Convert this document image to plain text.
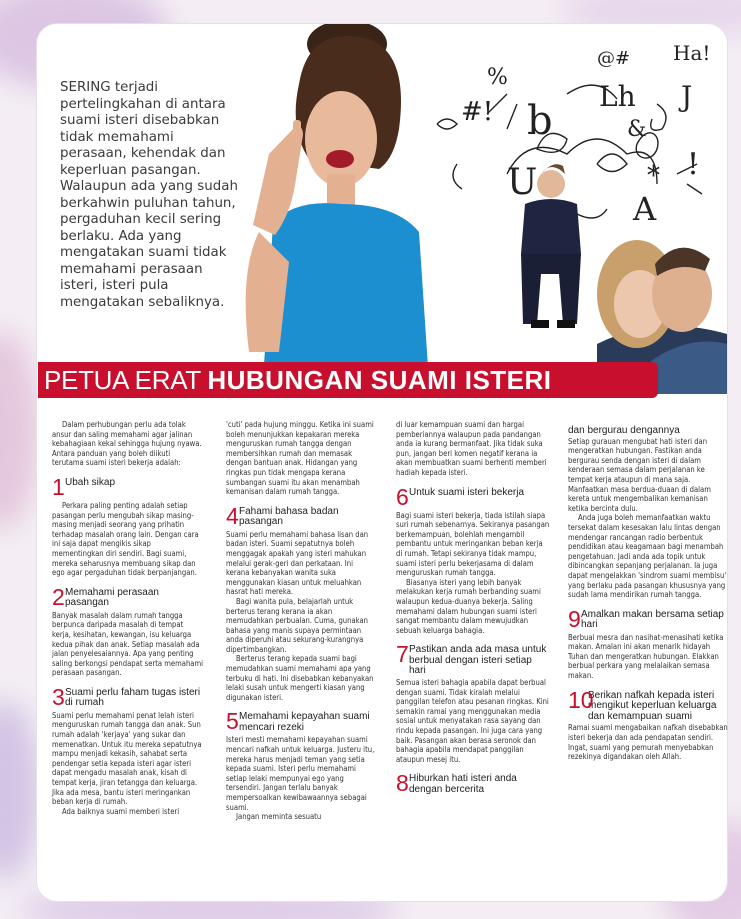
#!
@# Ha!
b
U
A
Lh
!
*
J
&
%

SERING terjadi pertelingkahan di antara suami isteri disebabkan tidak memahami perasaan, kehendak dan keperluan pasangan. Walaupun ada yang sudah berkahwin puluhan tahun, pergaduhan kecil sering berlaku. Ada yang mengatakan suami tidak memahami perasaan isteri, isteri pula mengatakan sebaliknya.

PETUA ERAT HUBUNGAN SUAMI ISTERI

Dalam perhubungan perlu ada tolak ansur dan saling memahami agar jalinan kebahagiaan kekal sehingga hujung nyawa. Antara panduan yang boleh diikuti terutama suami isteri bekerja adalah:

1 Ubah sikap

Perkara paling penting adalah setiap pasangan perlu mengubah sikap masing-masing menjadi seorang yang prihatin terhadap masalah orang lain. Dengan cara ini saja dapat mengikis sikap mementingkan diri sendiri. Bagi suami, mereka seharusnya membuang sikap dan ego agar pergaduhan tidak berpanjangan.

2 Memahami perasaan pasangan

Banyak masalah dalam rumah tangga berpunca daripada masalah di tempat kerja, kesihatan, kewangan, isu keluarga kedua pihak dan anak. Setiap masalah ada jalan penyelesaiannya. Apa yang penting saling berkongsi pendapat serta memahami perasaan pasangan.

3 Suami perlu faham tugas isteri di rumah

Suami perlu memahami penat lelah isteri menguruskan rumah tangga dan anak. Sun rumah adalah 'kerjaya' yang sukar dan memenatkan. Untuk itu mereka sepatutnya mampu menjadi kekasih, sahabat serta pendengar setia kepada isteri agar isteri dapat mengadu masalah anak, kisah di tempat kerja, jiran tetangga dan keluarga. Jika ada mesa, bantu isteri meringankan beban kerja di rumah.

Ada baiknya suami memberi isteri

'cuti' pada hujung minggu. Ketika ini suami boleh menunjukkan kepakaran mereka menguruskan rumah tangga dengan membersihkan rumah dan memasak dengan bantuan anak. Hidangan yang ringkas pun tidak mengapa kerana sumbangan suami itu akan menambah kemanisan dalam rumah tangga.

4 Fahami bahasa badan pasangan

Suami perlu memahami bahasa lisan dan badan isteri. Suami sepatutnya boleh menggagak apakah yang isteri mahukan melalui gerak-geri dan perkataan. Ini kerana kebanyakan wanita suka menggunakan kiasan untuk meluahkan hasrat hati mereka.

Bagi wanita pula, belajarlah untuk berterus terang kerana ia akan memudahkan perbualan. Cuma, gunakan bahasa yang manis supaya permintaan anda diperuhi atau sekurang-kurangnya dipertimbangkan.

Berterus terang kepada suami bagi memudahkan suami memahami apa yang terbuku di hati. Ini disebabkan kebanyakan lelaki susah untuk mengerti kiasan yang digunakan isteri.

5 Memahami kepayahan suami mencari rezeki

Isteri mesti memahami kepayahan suami mencari nafkah untuk keluarga. Justeru itu, mereka harus menjadi teman yang setia kepada suami. Isteri perlu memahami setiap lelaki mempunyai ego yang tersendiri. Jangan terlalu banyak mempersoalkan kewibawaannya sebagai suami.

Jangan meminta sesuatu

di luar kemampuan suami dan hargai pemberiannya walaupun pada pandangan anda ia kurang bermanfaat. Jika tidak suka pun, jangan beri komen negatif kerana ia akan membuatkan suami berhenti memberi hadiah kepada isteri.

6 Untuk suami isteri bekerja

Bagi suami isteri bekerja, tiada istilah siapa suri rumah sebenarnya. Sekiranya pasangan berkemampuan, bolehlah mengambil pembantu untuk meringankan beban kerja di rumah. Tetapi sekiranya tidak mampu, suami isteri perlu bekerjasama di dalam menguruskan rumah tangga.

Biasanya isteri yang lebih banyak melakukan kerja rumah berbanding suami walaupun kedua-duanya bekerja. Saling memahami dalam hubungan suami isteri sangat membantu dalam mewujudkan sebuah keluarga bahagia.

7 Pastikan anda ada masa untuk berbual dengan isteri setiap hari

Semua isteri bahagia apabila dapat berbual dengan suami. Tidak kiralah melalui panggilan telefon atau pesanan ringkas. Kini semakin ramai yang menggunakan media sosial untuk menyatakan rasa sayang dan rindu kepada pasangan. Ini juga cara yang baik. Pasangan akan berasa seronok dan bahagia apabila mendapat panggilan ataupun mesej itu.

8 Hiburkan hati isteri anda dengan bercerita
dan bergurau dengannya

Setiap gurauan mengubat hati isteri dan mengeratkan hubungan. Fastikan anda bergurau senda dengan isteri di dalam kenderaan semasa dalam perjalanan ke tempat kerja ataupun di mana saja. Manfaatkan masa berdua-duaan di dalam kereta untuk mengembalikan kemanisan ketika bercinta dulu.

Anda juga boleh memanfaatkan waktu tersekat dalam kesesakan lalu lintas dengan mendengar rancangan radio berbentuk pendidikan atau keagamaan bagi menambah pengetahuan. Jadi anda ada topik untuk dibincangkan sepanjang perjalanan. Ia juga dapat mengelakkan 'sindrom suami membisu' yang berlaku pada pasangan khususnya yang sudah lama mendirikan rumah tangga.

9 Amalkan makan bersama setiap hari

Berbual mesra dan nasihat-menasihati ketika makan. Amalan ini akan menarik hidayah Tuhan dan mengeratkan hubungan. Elakkan berbual perkara yang melalaikan semasa makan.

10
Berikan nafkah kepada isteri mengikut keperluan keluarga dan kemampuan suami

Ramai suami mengabaikan nafkah disebabkan isteri bekerja dan ada pendapatan sendiri. Ingat, suami yang pemurah menyebabkan rezekinya digandakan oleh Allah.
